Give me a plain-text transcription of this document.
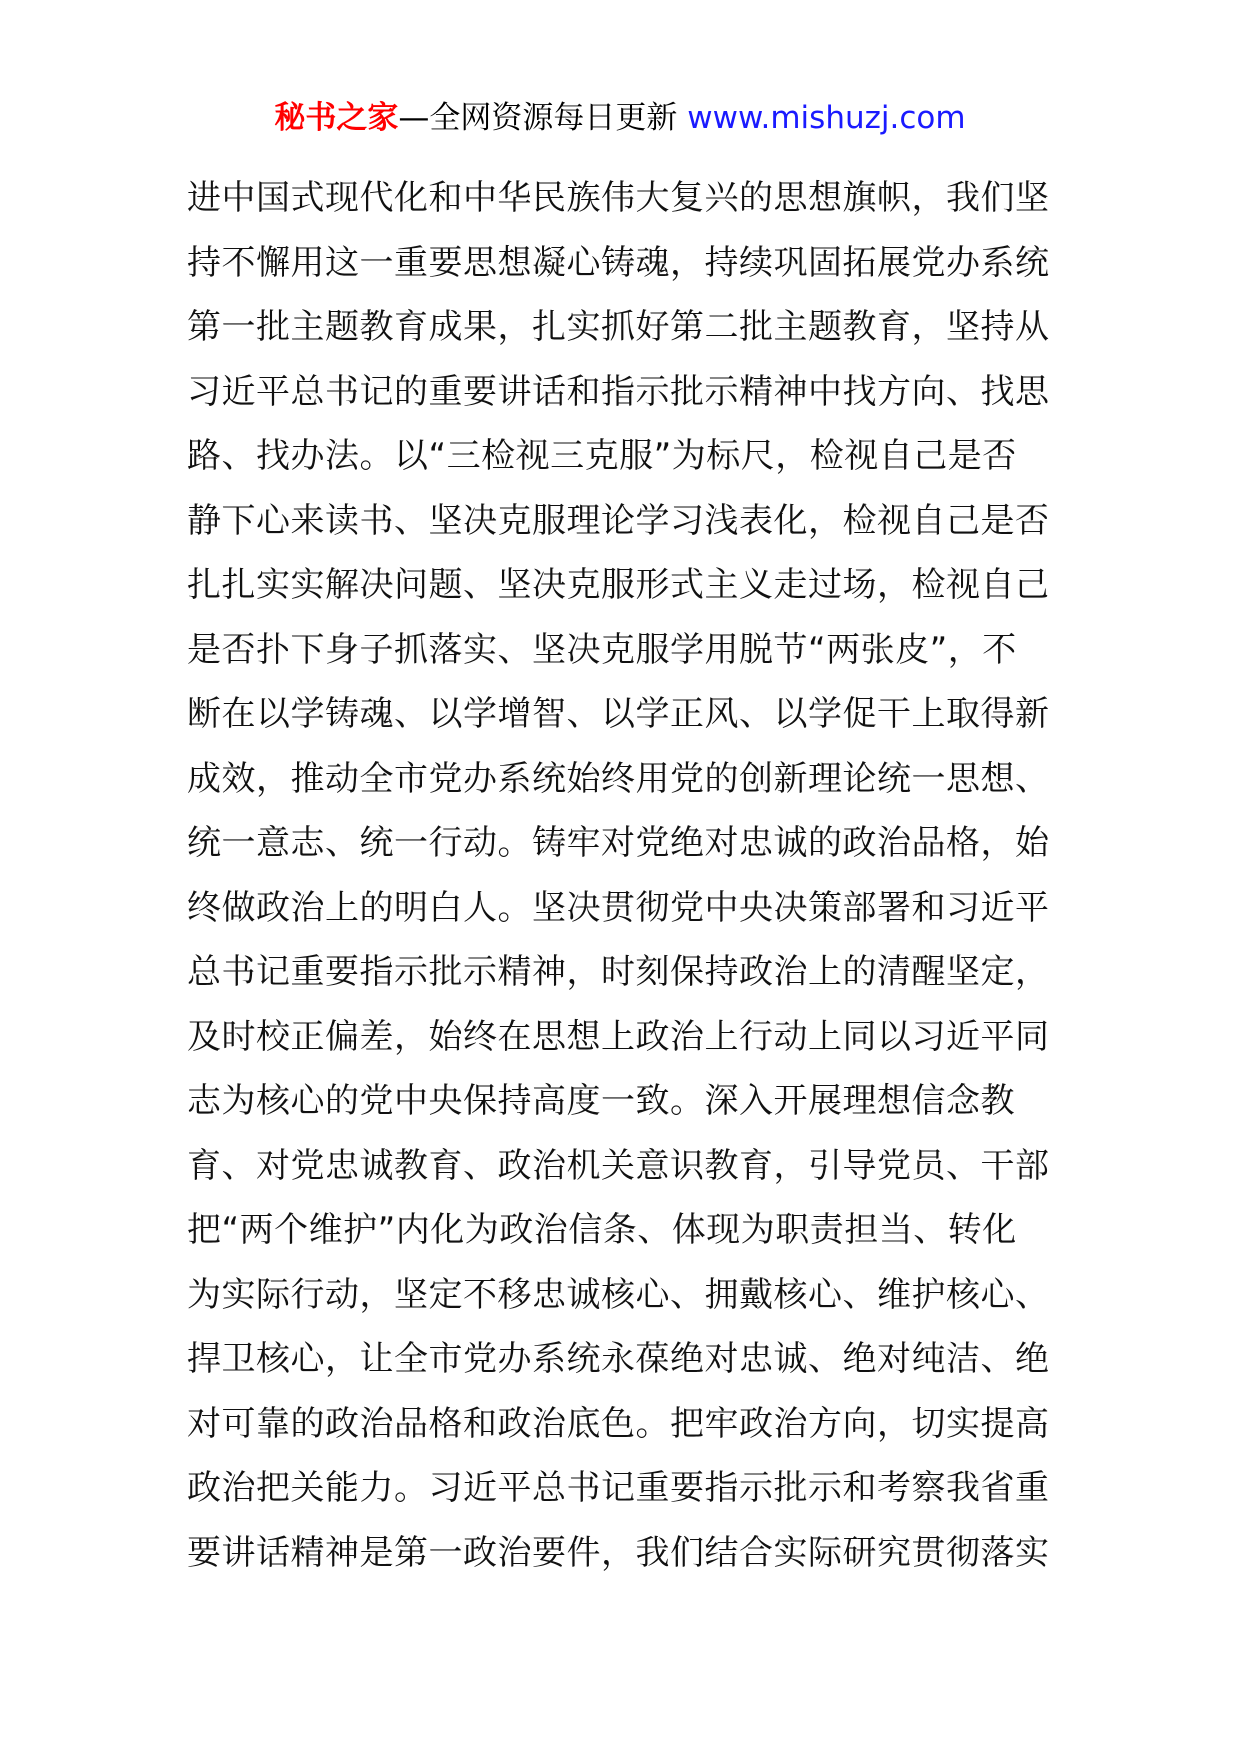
秘书之家—全网资源每日更新 www.mishuzj.com
进中国式现代化和中华民族伟大复兴的思想旗帜，我们坚
持不懈用这一重要思想凝心铸魂，持续巩固拓展党办系统
第一批主题教育成果，扎实抓好第二批主题教育，坚持从
习近平总书记的重要讲话和指示批示精神中找方向、找思
路、找办法。以“三检视三克服”为标尺，检视自己是否
静下心来读书、坚决克服理论学习浅表化，检视自己是否
扎扎实实解决问题、坚决克服形式主义走过场，检视自己
是否扑下身子抓落实、坚决克服学用脱节“两张皮”，不
断在以学铸魂、以学增智、以学正风、以学促干上取得新
成效，推动全市党办系统始终用党的创新理论统一思想、
统一意志、统一行动。铸牢对党绝对忠诚的政治品格，始
终做政治上的明白人。坚决贯彻党中央决策部署和习近平
总书记重要指示批示精神，时刻保持政治上的清醒坚定，
及时校正偏差，始终在思想上政治上行动上同以习近平同
志为核心的党中央保持高度一致。深入开展理想信念教
育、对党忠诚教育、政治机关意识教育，引导党员、干部
把“两个维护”内化为政治信条、体现为职责担当、转化
为实际行动，坚定不移忠诚核心、拥戴核心、维护核心、
捍卫核心，让全市党办系统永葆绝对忠诚、绝对纯洁、绝
对可靠的政治品格和政治底色。把牢政治方向，切实提高
政治把关能力。习近平总书记重要指示批示和考察我省重
要讲话精神是第一政治要件，我们结合实际研究贯彻落实
